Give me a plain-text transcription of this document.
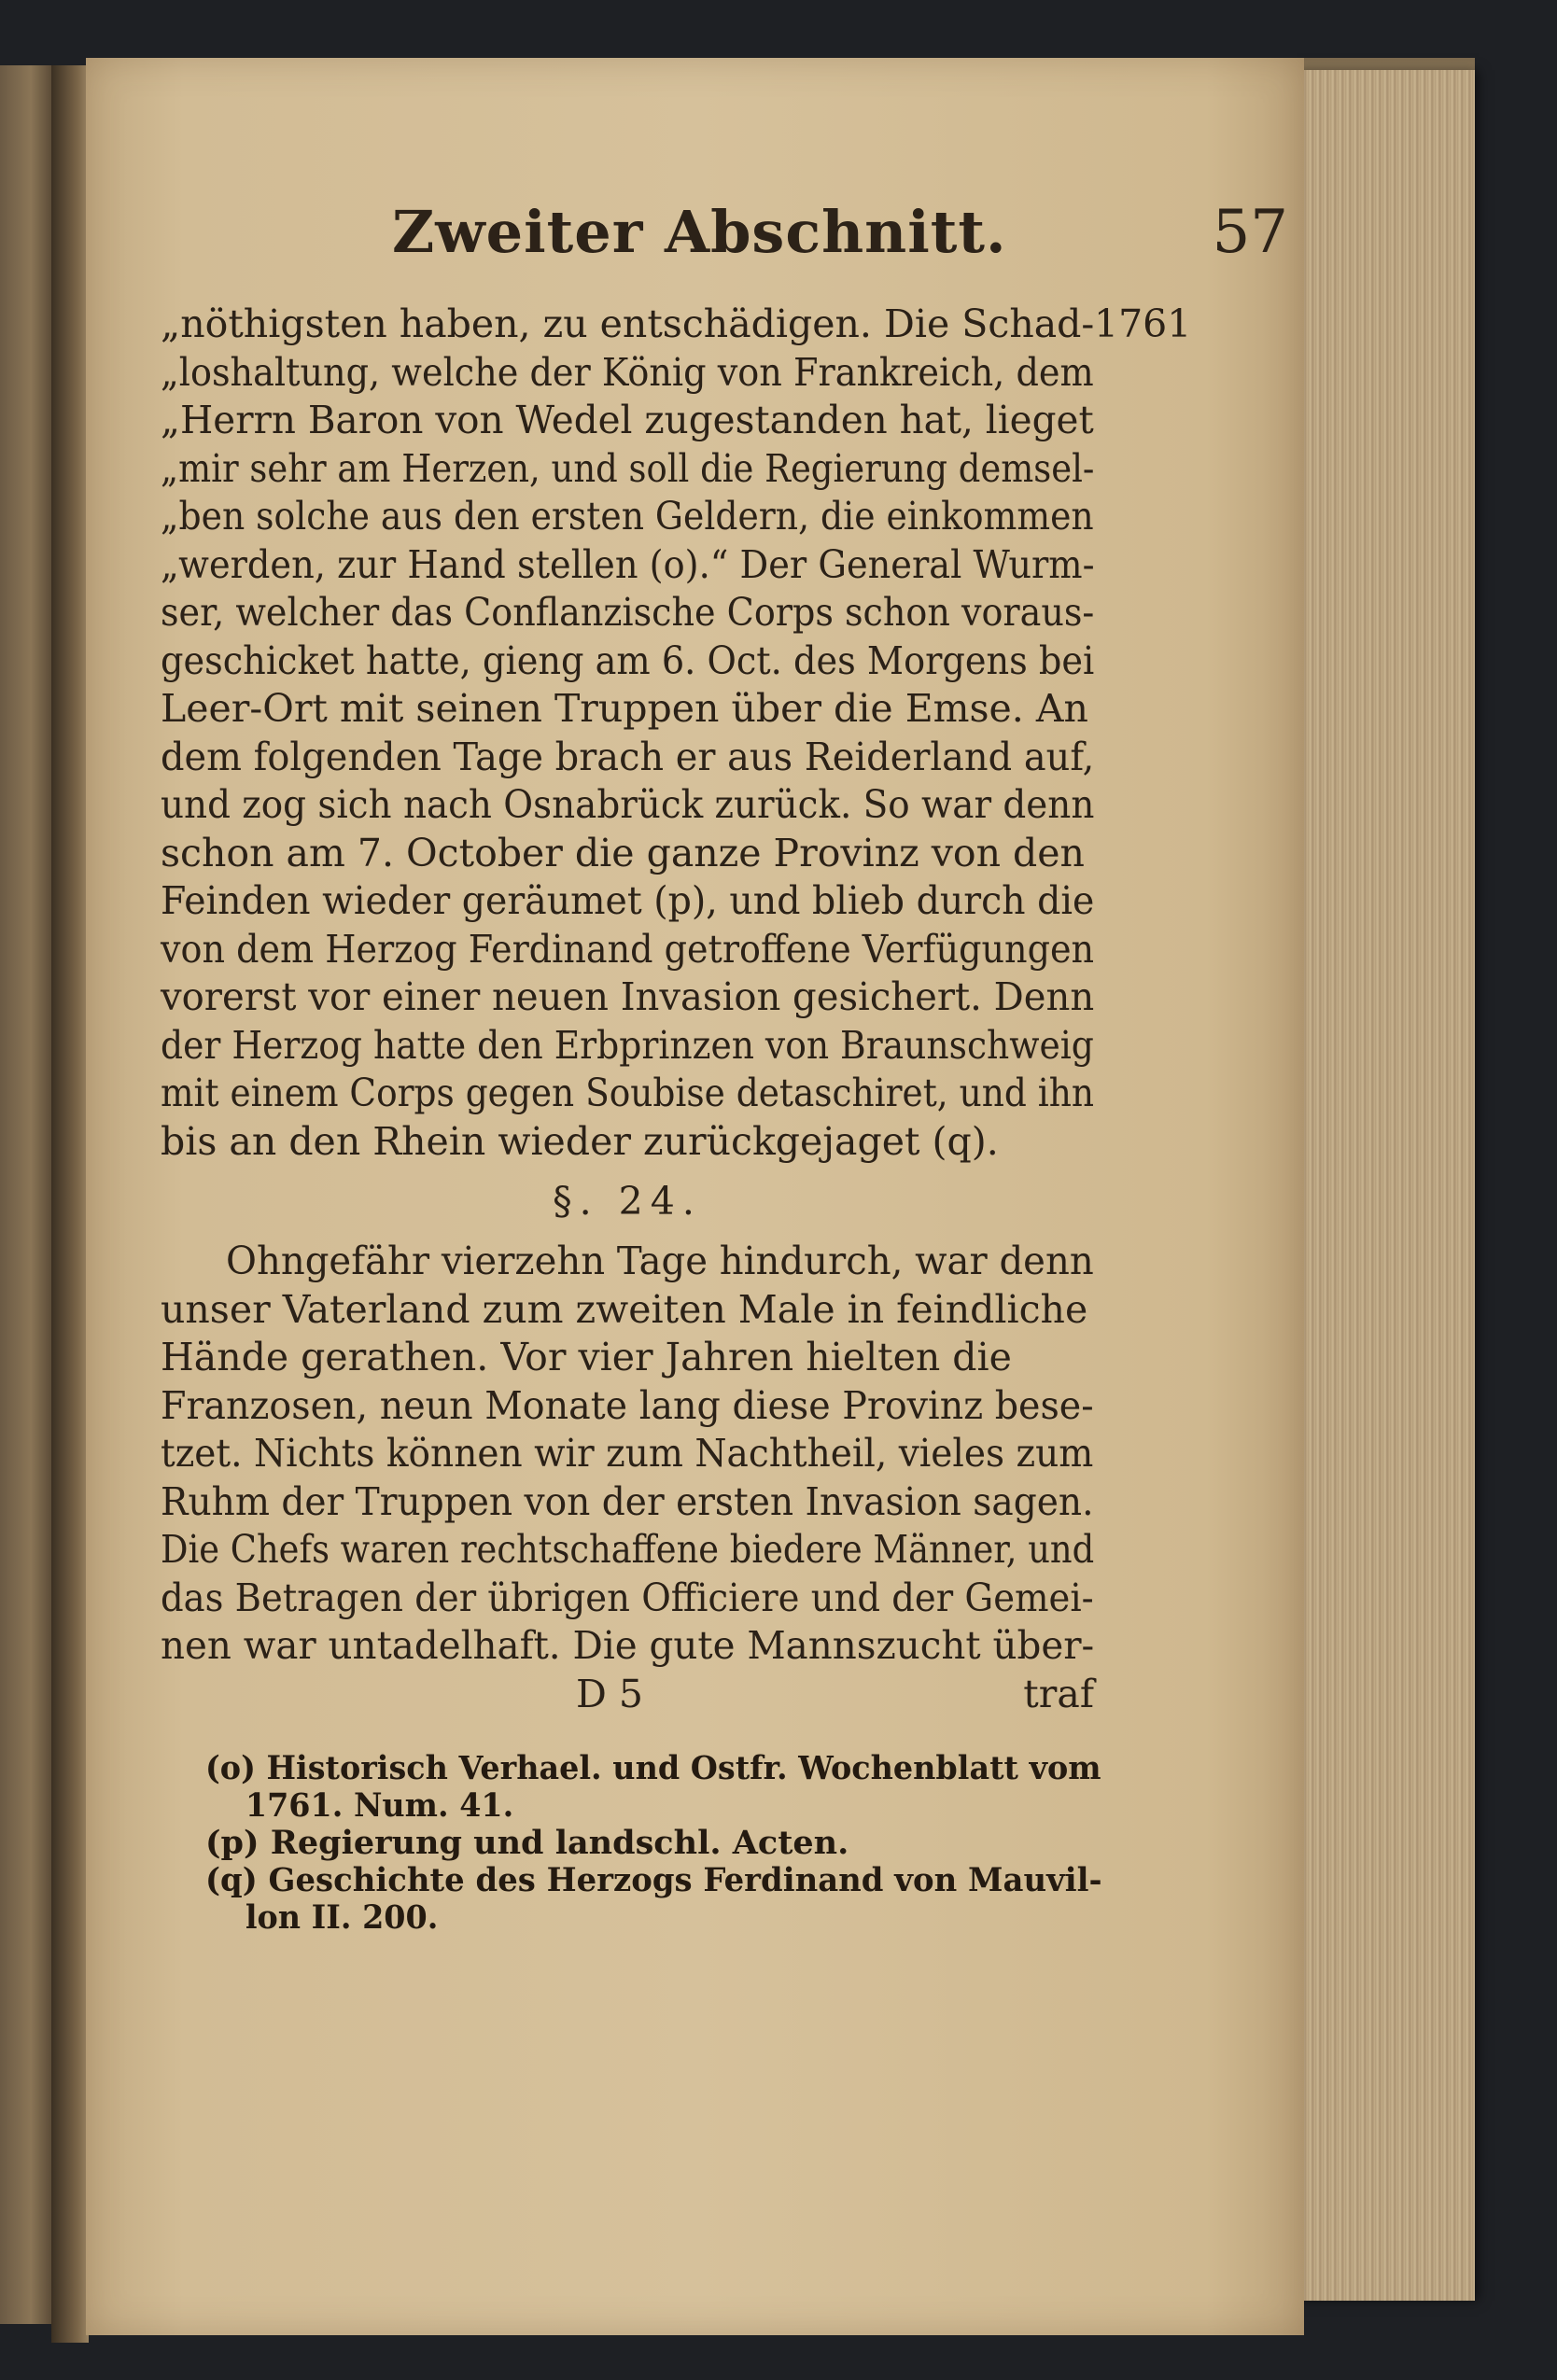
Zweiter Abschnitt.	57
„nöthigsten haben, zu entschädigen. Die Schad- 1761
„loshaltung, welche der König von Frankreich, dem
„Herrn Baron von Wedel zugestanden hat, lieget
„mir sehr am Herzen, und soll die Regierung demsel-
„ben solche aus den ersten Geldern, die einkommen
„werden, zur Hand stellen (o).“ Der General Wurm-
ser, welcher das Conflanzische Corps schon voraus-
geschicket hatte, gieng am 6. Oct. des Morgens bei
Leer-Ort mit seinen Truppen über die Emse. An
dem folgenden Tage brach er aus Reiderland auf,
und zog sich nach Osnabrück zurück. So war denn
schon am 7. October die ganze Provinz von den
Feinden wieder geräumet (p), und blieb durch die
von dem Herzog Ferdinand getroffene Verfügungen
vorerst vor einer neuen Invasion gesichert. Denn
der Herzog hatte den Erbprinzen von Braunschweig
mit einem Corps gegen Soubise detaschiret, und ihn
bis an den Rhein wieder zurückgejaget (q).
§. 24.
Ohngefähr vierzehn Tage hindurch, war denn
unser Vaterland zum zweiten Male in feindliche
Hände gerathen. Vor vier Jahren hielten die
Franzosen, neun Monate lang diese Provinz bese-
tzet. Nichts können wir zum Nachtheil, vieles zum
Ruhm der Truppen von der ersten Invasion sagen.
Die Chefs waren rechtschaffene biedere Männer, und
das Betragen der übrigen Officiere und der Gemei-
nen war untadelhaft. Die gute Mannszucht über-
D 5	traf
(o) Historisch Verhael. und Ostfr. Wochenblatt vom 1761. Num. 41.
(p) Regierung und landschl. Acten.
(q) Geschichte des Herzogs Ferdinand von Mauvil- lon II. 200.
